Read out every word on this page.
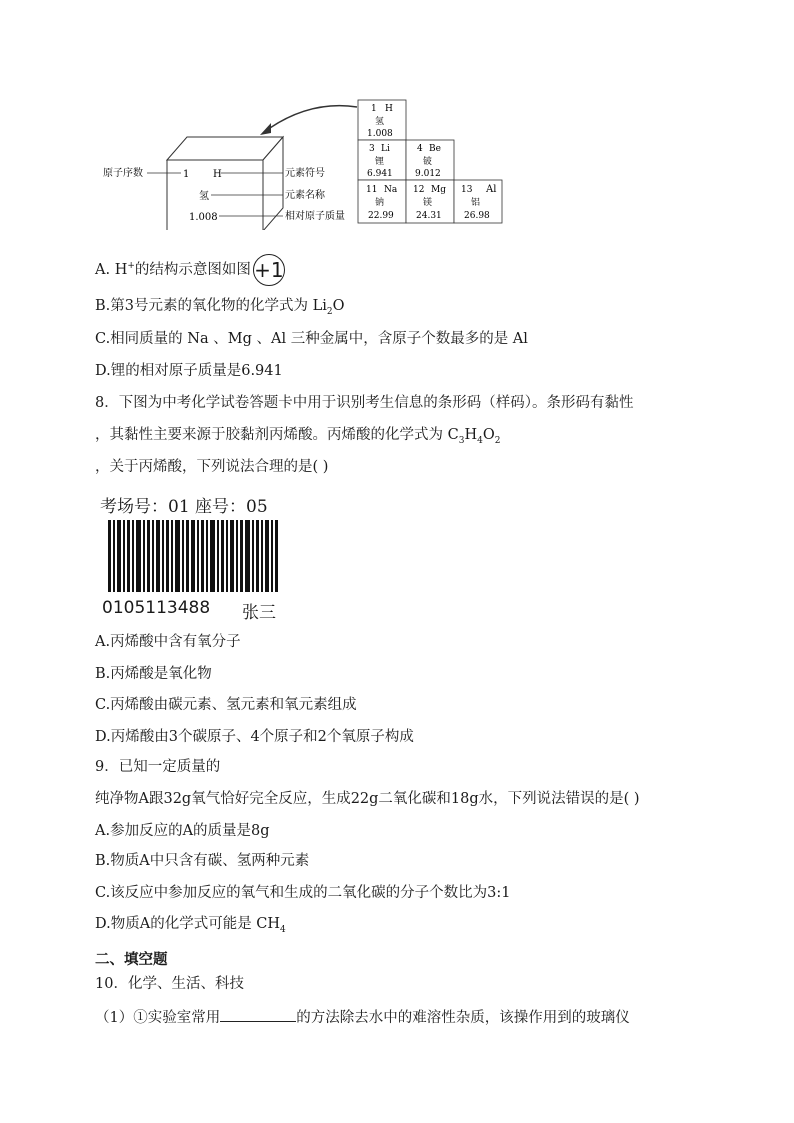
原子序数	1 H	元素符号
氢	元素名称
1.008	相对原子质量
1 H
氢
1.008
3 Li
锂
6.941
4 Be
铍
9.012
11 Na
钠
22.99
12 Mg
镁
24.31
13 Al
铝
26.98
A. H+的结构示意图如图 +1
B.第3号元素的氧化物的化学式为 $Li_2O$
C.相同质量的 Na 、Mg 、Al 三种金属中，含原子个数最多的是 Al
D.锂的相对原子质量是6.941
8．下图为中考化学试卷答题卡中用于识别考生信息的条形码（样码）。条形码有黏性
，其黏性主要来源于胶黏剂丙烯酸。丙烯酸的化学式为 $C_3H_4O_2$
，关于丙烯酸，下列说法合理的是( )
考场号：01 座号：05
0105113488 张三
A.丙烯酸中含有氧分子
B.丙烯酸是氧化物
C.丙烯酸由碳元素、氢元素和氧元素组成
D.丙烯酸由3个碳原子、4个原子和2个氧原子构成
9．已知一定质量的
纯净物A跟32g氧气恰好完全反应，生成22g二氧化碳和18g水，下列说法错误的是( )
A.参加反应的A的质量是8g
B.物质A中只含有碳、氢两种元素
C.该反应中参加反应的氧气和生成的二氧化碳的分子个数比为3:1
D.物质A的化学式可能是 $CH_4$
二、填空题
10．化学、生活、科技
（1）①实验室常用	的方法除去水中的难溶性杂质，该操作用到的玻璃仪
